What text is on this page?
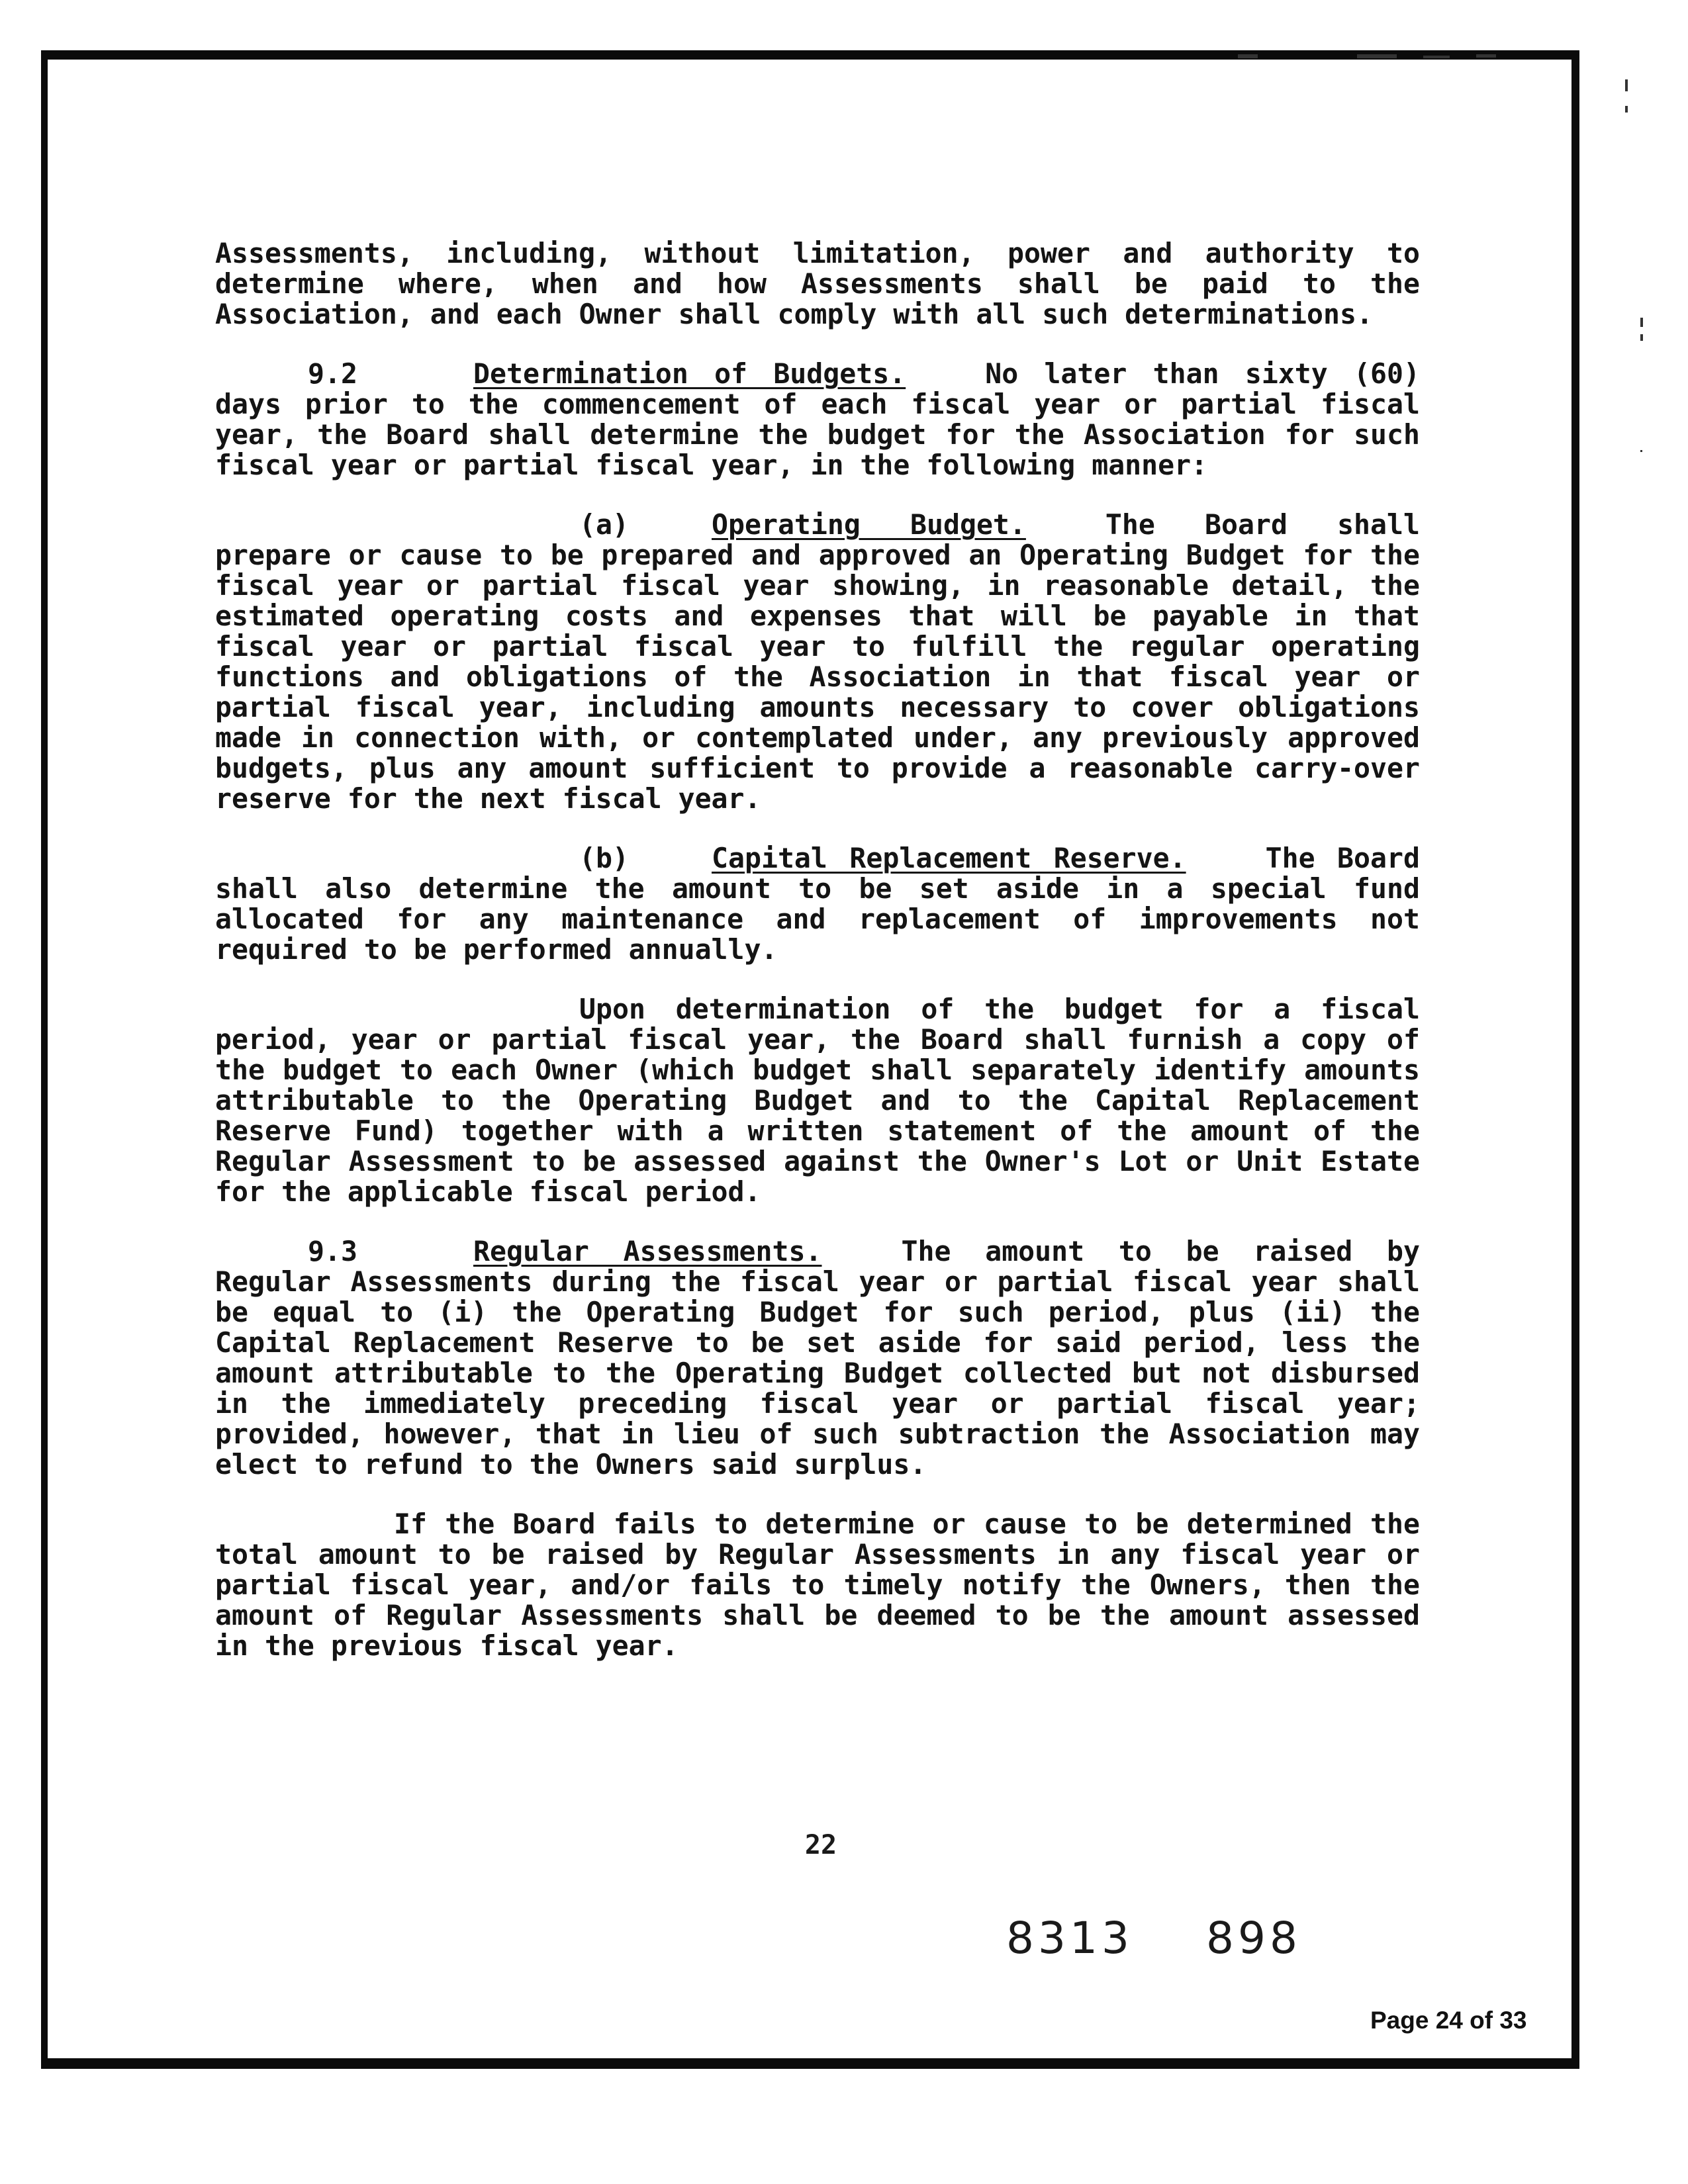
Assessments, including, without limitation, power and authority to determine where, when and how Assessments shall be paid to the Association, and each Owner shall comply with all such determinations.

9.2	Determination of Budgets.	No later than sixty (60) days prior to the commencement of each fiscal year or partial fiscal year, the Board shall determine the budget for the Association for such fiscal year or partial fiscal year, in the following manner:

(a)	Operating Budget.	The Board shall prepare or cause to be prepared and approved an Operating Budget for the fiscal year or partial fiscal year showing, in reasonable detail, the estimated operating costs and expenses that will be payable in that fiscal year or partial fiscal year to fulfill the regular operating functions and obligations of the Association in that fiscal year or partial fiscal year, including amounts necessary to cover obligations made in connection with, or contemplated under, any previously approved budgets, plus any amount sufficient to provide a reasonable carry-over reserve for the next fiscal year.

(b)	Capital Replacement Reserve.	The Board shall also determine the amount to be set aside in a special fund allocated for any maintenance and replacement of improvements not required to be performed annually.

Upon determination of the budget for a fiscal period, year or partial fiscal year, the Board shall furnish a copy of the budget to each Owner (which budget shall separately identify amounts attributable to the Operating Budget and to the Capital Replacement Reserve Fund) together with a written statement of the amount of the Regular Assessment to be assessed against the Owner's Lot or Unit Estate for the applicable fiscal period.

9.3	Regular Assessments.	The amount to be raised by Regular Assessments during the fiscal year or partial fiscal year shall be equal to (i) the Operating Budget for such period, plus (ii) the Capital Replacement Reserve to be set aside for said period, less the amount attributable to the Operating Budget collected but not disbursed in the immediately preceding fiscal year or partial fiscal year; provided, however, that in lieu of such subtraction the Association may elect to refund to the Owners said surplus.

If the Board fails to determine or cause to be determined the total amount to be raised by Regular Assessments in any fiscal year or partial fiscal year, and/or fails to timely notify the Owners, then the amount of Regular Assessments shall be deemed to be the amount assessed in the previous fiscal year.

22
8313 898
Page 24 of 33
